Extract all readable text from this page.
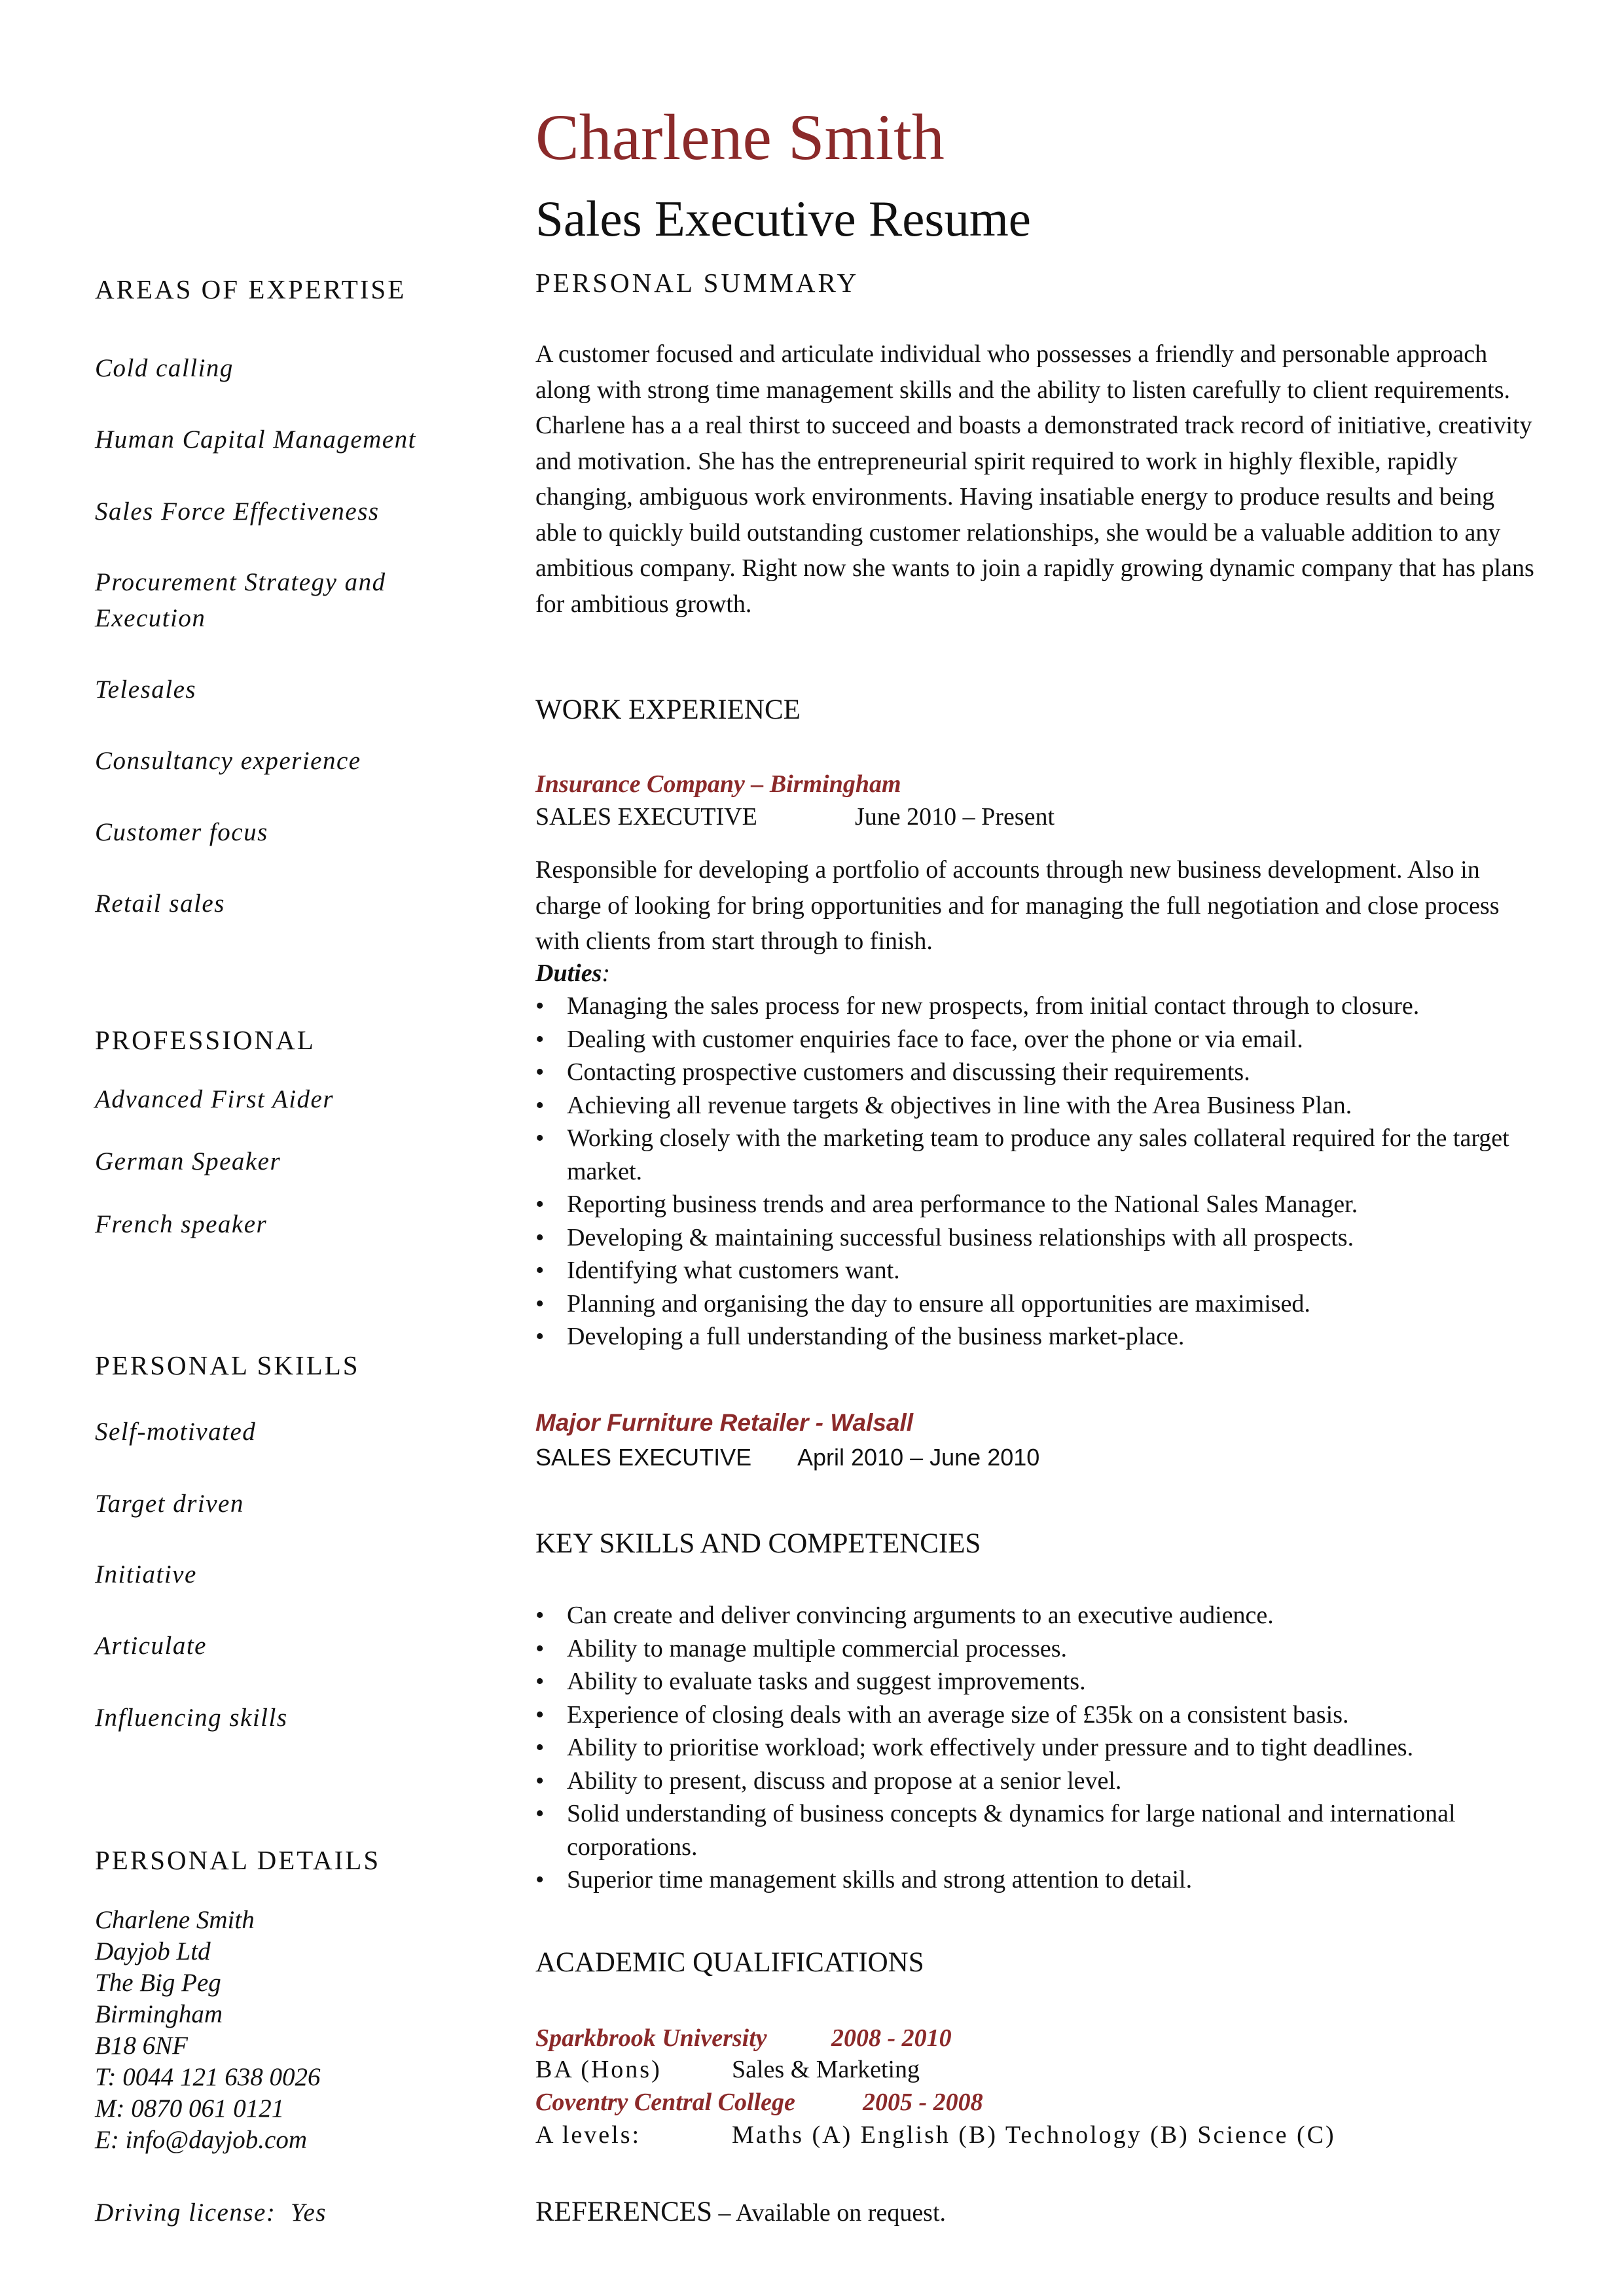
Charlene Smith
Sales Executive Resume
AREAS OF EXPERTISE
Cold calling
Human Capital Management
Sales Force Effectiveness
Procurement Strategy and Execution
Telesales
Consultancy experience
Customer focus
Retail sales
PROFESSIONAL
Advanced First Aider
German Speaker
French speaker
PERSONAL SKILLS
Self-motivated
Target driven
Initiative
Articulate
Influencing skills
PERSONAL DETAILS
Charlene Smith
Dayjob Ltd
The Big Peg
Birmingham
B18 6NF
T: 0044 121 638 0026
M: 0870 061 0121
E: info@dayjob.com
Driving license:  Yes
PERSONAL SUMMARY
A customer focused and articulate individual who possesses a friendly and personable approach along with strong time management skills and the ability to listen carefully to client requirements. Charlene has a a real thirst to succeed and boasts a demonstrated track record of initiative, creativity and motivation. She has the entrepreneurial spirit required to work in highly flexible, rapidly changing, ambiguous work environments. Having insatiable energy to produce results and being able to quickly build outstanding customer relationships, she would be a valuable addition to any ambitious company. Right now she wants to join a rapidly growing dynamic company that has plans for ambitious growth.
WORK EXPERIENCE
Insurance Company – Birmingham
SALES EXECUTIVE	June 2010 – Present
Responsible for developing a portfolio of accounts through new business development. Also in charge of looking for bring opportunities and for managing the full negotiation and close process with clients from start through to finish.
Duties:
• Managing the sales process for new prospects, from initial contact through to closure.
• Dealing with customer enquiries face to face, over the phone or via email.
• Contacting prospective customers and discussing their requirements.
• Achieving all revenue targets & objectives in line with the Area Business Plan.
• Working closely with the marketing team to produce any sales collateral required for the target market.
• Reporting business trends and area performance to the National Sales Manager.
• Developing & maintaining successful business relationships with all prospects.
• Identifying what customers want.
• Planning and organising the day to ensure all opportunities are maximised.
• Developing a full understanding of the business market-place.
Major Furniture Retailer - Walsall
SALES EXECUTIVE April 2010 – June 2010
KEY SKILLS AND COMPETENCIES
• Can create and deliver convincing arguments to an executive audience.
• Ability to manage multiple commercial processes.
• Ability to evaluate tasks and suggest improvements.
• Experience of closing deals with an average size of £35k on a consistent basis.
• Ability to prioritise workload; work effectively under pressure and to tight deadlines.
• Ability to present, discuss and propose at a senior level.
• Solid understanding of business concepts & dynamics for large national and international corporations.
• Superior time management skills and strong attention to detail.
ACADEMIC QUALIFICATIONS
Sparkbrook University	2008 - 2010
BA (Hons)	Sales & Marketing
Coventry Central College	2005 - 2008
A levels:	Maths (A) English (B) Technology (B) Science (C)
REFERENCES – Available on request.
